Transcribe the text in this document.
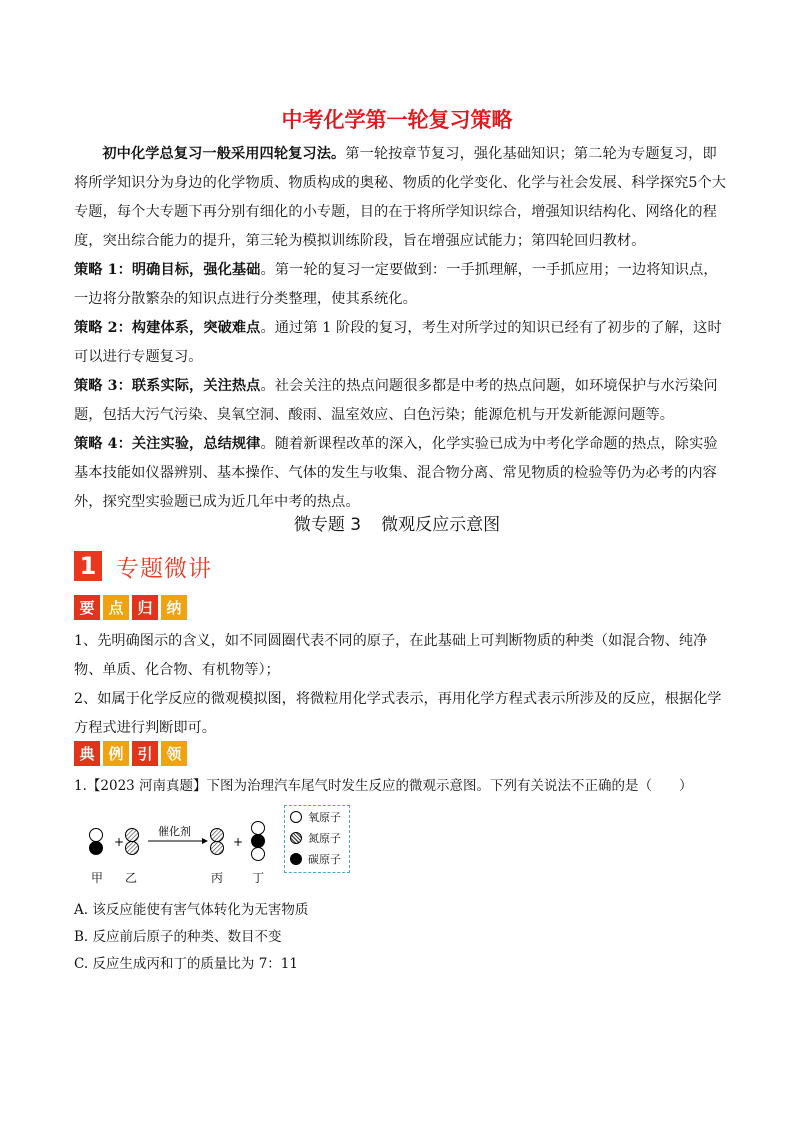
中考化学第一轮复习策略

初中化学总复习一般采用四轮复习法。第一轮按章节复习，强化基础知识；第二轮为专题复习，即将所学知识分为身边的化学物质、物质构成的奥秘、物质的化学变化、化学与社会发展、科学探究5个大专题，每个大专题下再分别有细化的小专题，目的在于将所学知识综合，增强知识结构化、网络化的程度，突出综合能力的提升，第三轮为模拟训练阶段，旨在增强应试能力；第四轮回归教材。

策略 1：明确目标，强化基础。第一轮的复习一定要做到：一手抓理解，一手抓应用；一边将知识点，一边将分散繁杂的知识点进行分类整理，使其系统化。

策略 2：构建体系，突破难点。通过第 1 阶段的复习，考生对所学过的知识已经有了初步的了解，这时可以进行专题复习。

策略 3：联系实际，关注热点。社会关注的热点问题很多都是中考的热点问题，如环境保护与水污染问题，包括大污气污染、臭氧空洞、酸雨、温室效应、白色污染；能源危机与开发新能源问题等。

策略 4：关注实验，总结规律。随着新课程改革的深入，化学实验已成为中考化学命题的热点，除实验基本技能如仪器辨别、基本操作、气体的发生与收集、混合物分离、常见物质的检验等仍为必考的内容外，探究型实验题已成为近几年中考的热点。

微专题 3 微观反应示意图
1 专题微讲
要 点 归 纳

1、先明确图示的含义，如不同圆圈代表不同的原子，在此基础上可判断物质的种类（如混合物、纯净物、单质、化合物、有机物等）；

2、如属于化学反应的微观模拟图，将微粒用化学式表示，再用化学方程式表示所涉及的反应，根据化学方程式进行判断即可。

典 例 引 领
1.【2023 河南真题】下图为治理汽车尾气时发生反应的微观示意图。下列有关说法不正确的是（　　）
+
催化剂
+
甲 乙	丙 丁
氧原子
氮原子
碳原子

A. 该反应能使有害气体转化为无害物质

B. 反应前后原子的种类、数目不变

C. 反应生成丙和丁的质量比为 7：11
